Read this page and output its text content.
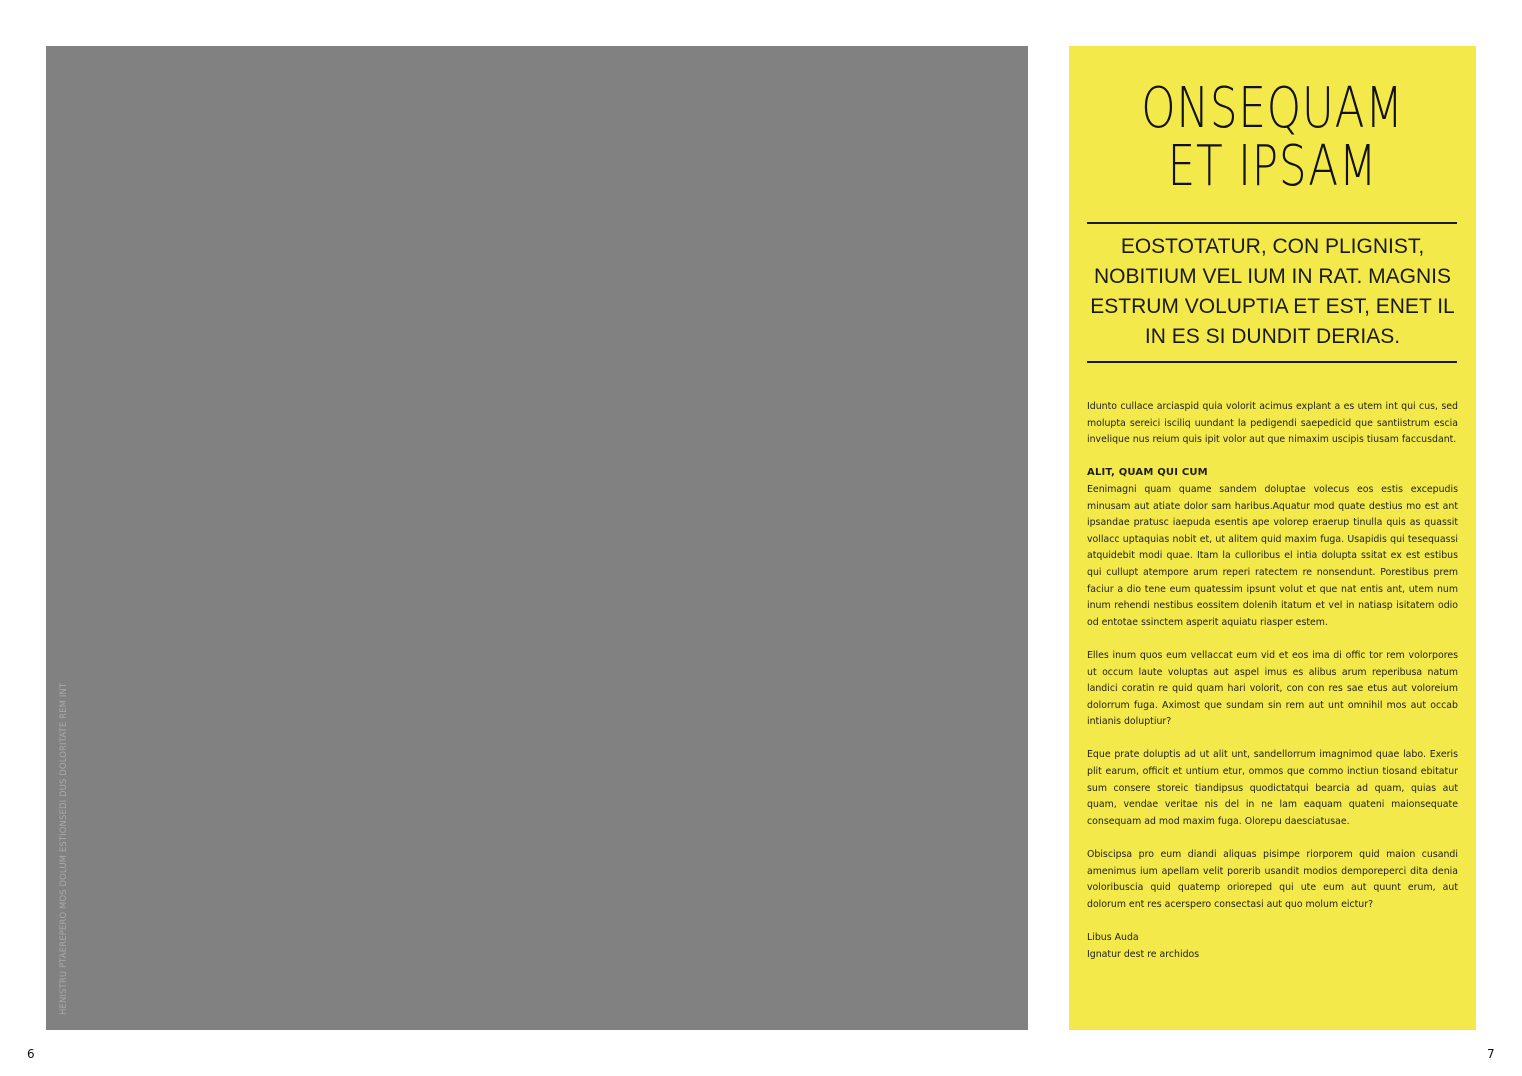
HENISTRU PTAEREPERO MOS DOLUM ESTIONSEDI DUS DOLORITATE REM INT
ONSEQUAM
ET IPSAM

EOSTOTATUR, CON PLIGNIST, NOBITIUM VEL IUM IN RAT. MAGNIS ESTRUM VOLUPTIA ET EST, ENET IL IN ES SI DUNDIT DERIAS.

Idunto cullace arciaspid quia volorit acimus explant a es utem int qui cus, sed molupta sereici isciliq uundant la pedigendi saepedicid que santiistrum escia invelique nus reium quis ipit volor aut que nimaxim uscipis tiusam faccusdant.

ALIT, QUAM QUI CUM

Eenimagni quam quame sandem doluptae volecus eos estis excepudis minusam aut atiate dolor sam haribus.Aquatur mod quate destius mo est ant ipsandae pratusc iaepuda esentis ape volorep eraerup tinulla quis as quassit vollacc uptaquias nobit et, ut alitem quid maxim fuga. Usapidis qui tesequassi atquidebit modi quae. Itam la culloribus el intia dolupta ssitat ex est estibus qui cullupt atempore arum reperi ratectem re nonsendunt. Porestibus prem faciur a dio tene eum quatessim ipsunt volut et que nat entis ant, utem num inum rehendi nestibus eossitem dolenih itatum et vel in natiasp isitatem odio od entotae ssinctem asperit aquiatu riasper estem.

Elles inum quos eum vellaccat eum vid et eos ima di offic tor rem volorpores ut occum laute voluptas aut aspel imus es alibus arum reperibusa natum landici coratin re quid quam hari volorit, con con res sae etus aut voloreium dolorrum fuga. Aximost que sundam sin rem aut unt omnihil mos aut occab intianis doluptiur?

Eque prate doluptis ad ut alit unt, sandellorrum imagnimod quae labo. Exeris plit earum, officit et untium etur, ommos que commo inctiun tiosand ebitatur sum consere storeic tiandipsus quodictatqui bearcia ad quam, quias aut quam, vendae veritae nis del in ne lam eaquam quateni maionsequate consequam ad mod maxim fuga. Olorepu daesciatusae.

Obiscipsa pro eum diandi aliquas pisimpe riorporem quid maion cusandi amenimus ium apellam velit porerib usandit modios demporeperci dita denia voloribuscia quid quatemp orioreped qui ute eum aut quunt erum, aut dolorum ent res acerspero consectasi aut quo molum eictur?

Libus Auda
Ignatur dest re archidos
6	7
